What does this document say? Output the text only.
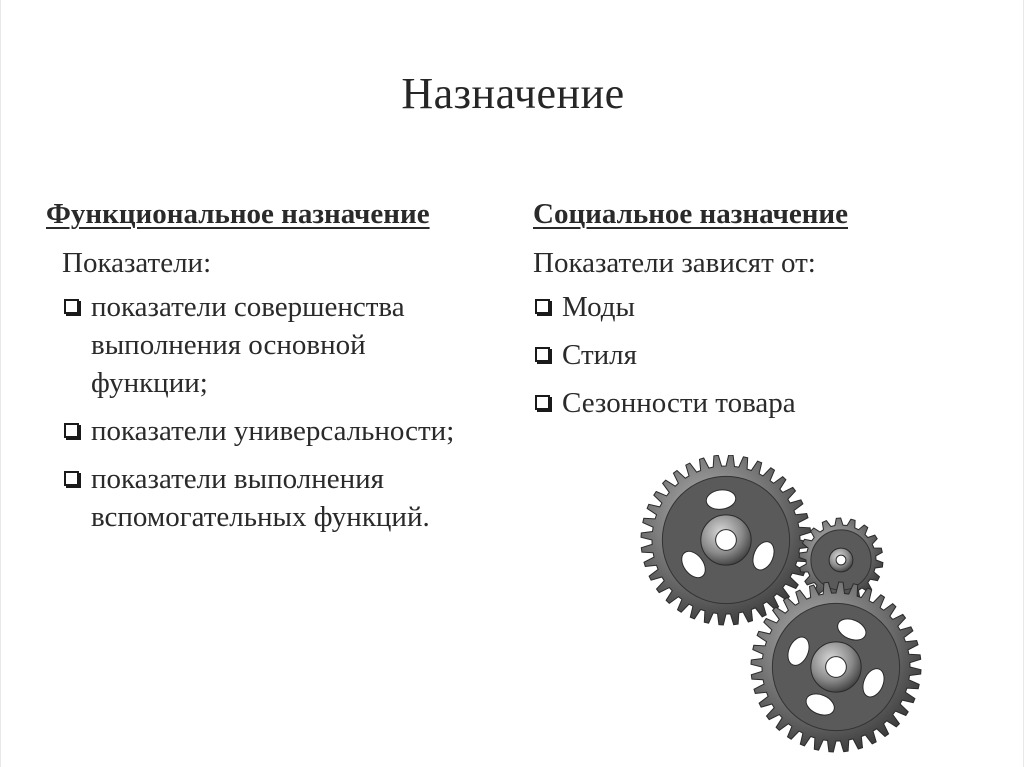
Назначение
Функциональное назначение
Показатели:
показатели совершенства выполнения основной функции;
показатели универсальности;
показатели выполнения вспомогательных функций.
Социальное назначение
Показатели зависят от:
Моды
Стиля
Сезонности товара
